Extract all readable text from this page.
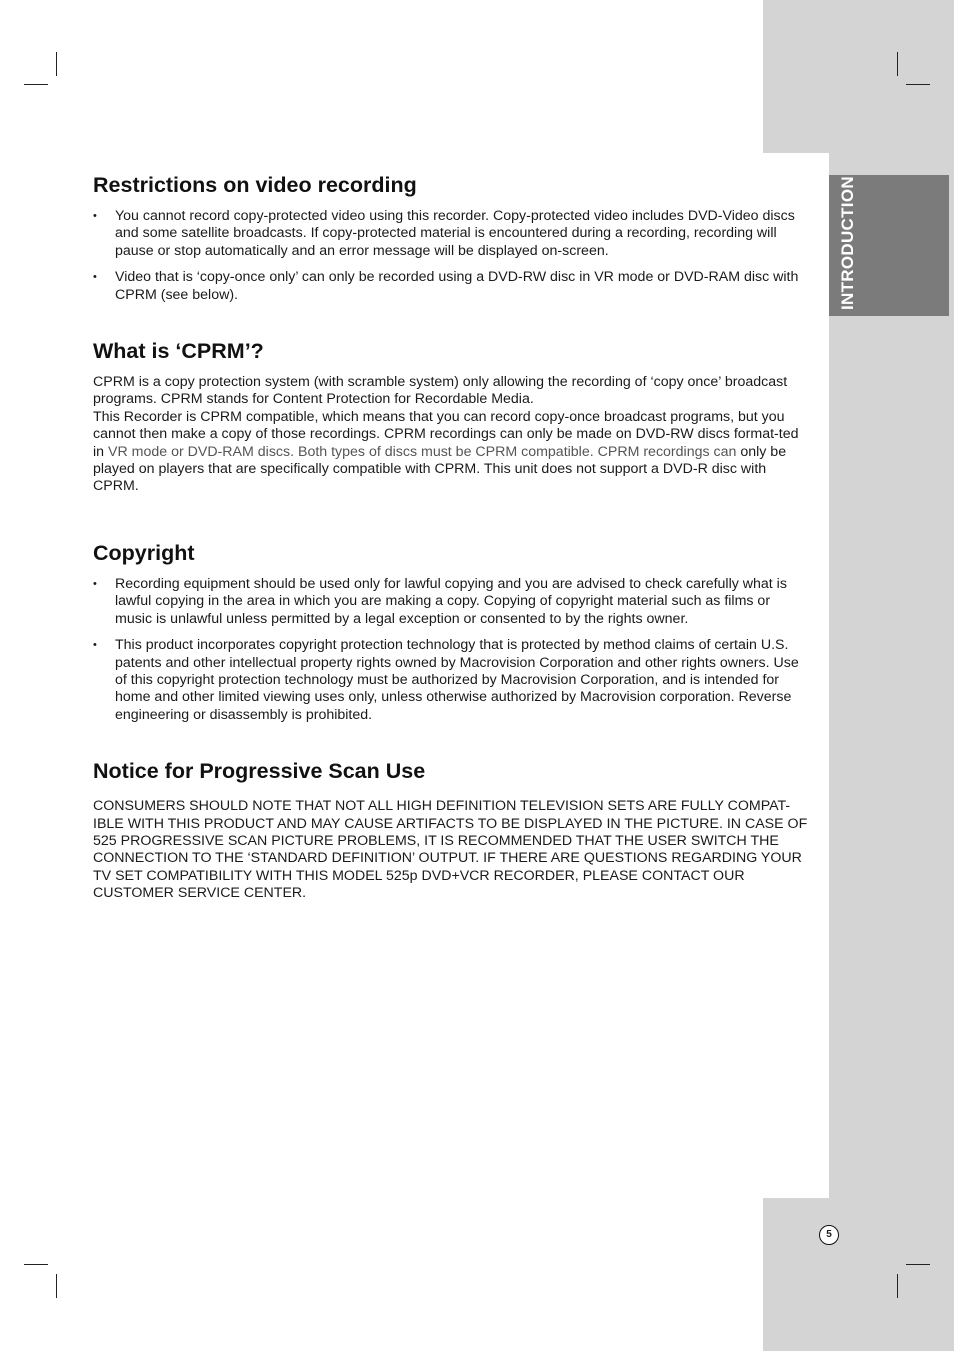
INTRODUCTION
Restrictions on video recording
• You cannot record copy-protected video using this recorder. Copy-protected video includes DVD-Video discs and some satellite broadcasts. If copy-protected material is encountered during a recording, recording will pause or stop automatically and an error message will be displayed on-screen.
• Video that is ‘copy-once only’ can only be recorded using a DVD-RW disc in VR mode or DVD-RAM disc with CPRM (see below).
What is ‘CPRM’?

CPRM is a copy protection system (with scramble system) only allowing the recording of ‘copy once’ broadcast programs. CPRM stands for Content Protection for Recordable Media.

This Recorder is CPRM compatible, which means that you can record copy-once broadcast programs, but you cannot then make a copy of those recordings. CPRM recordings can only be made on DVD-RW discs format-ted in VR mode or DVD-RAM discs. Both types of discs must be CPRM compatible. CPRM recordings can only be played on players that are specifically compatible with CPRM. This unit does not support a DVD-R disc with CPRM.

Copyright
• Recording equipment should be used only for lawful copying and you are advised to check carefully what is lawful copying in the area in which you are making a copy. Copying of copyright material such as films or music is unlawful unless permitted by a legal exception or consented to by the rights owner.
• This product incorporates copyright protection technology that is protected by method claims of certain U.S. patents and other intellectual property rights owned by Macrovision Corporation and other rights owners. Use of this copyright protection technology must be authorized by Macrovision Corporation, and is intended for home and other limited viewing uses only, unless otherwise authorized by Macrovision corporation. Reverse engineering or disassembly is prohibited.
Notice for Progressive Scan Use

CONSUMERS SHOULD NOTE THAT NOT ALL HIGH DEFINITION TELEVISION SETS ARE FULLY COMPAT-IBLE WITH THIS PRODUCT AND MAY CAUSE ARTIFACTS TO BE DISPLAYED IN THE PICTURE. IN CASE OF 525 PROGRESSIVE SCAN PICTURE PROBLEMS, IT IS RECOMMENDED THAT THE USER SWITCH THE CONNECTION TO THE ‘STANDARD DEFINITION’ OUTPUT. IF THERE ARE QUESTIONS REGARDING YOUR TV SET COMPATIBILITY WITH THIS MODEL 525p DVD+VCR RECORDER, PLEASE CONTACT OUR CUSTOMER SERVICE CENTER.

5
